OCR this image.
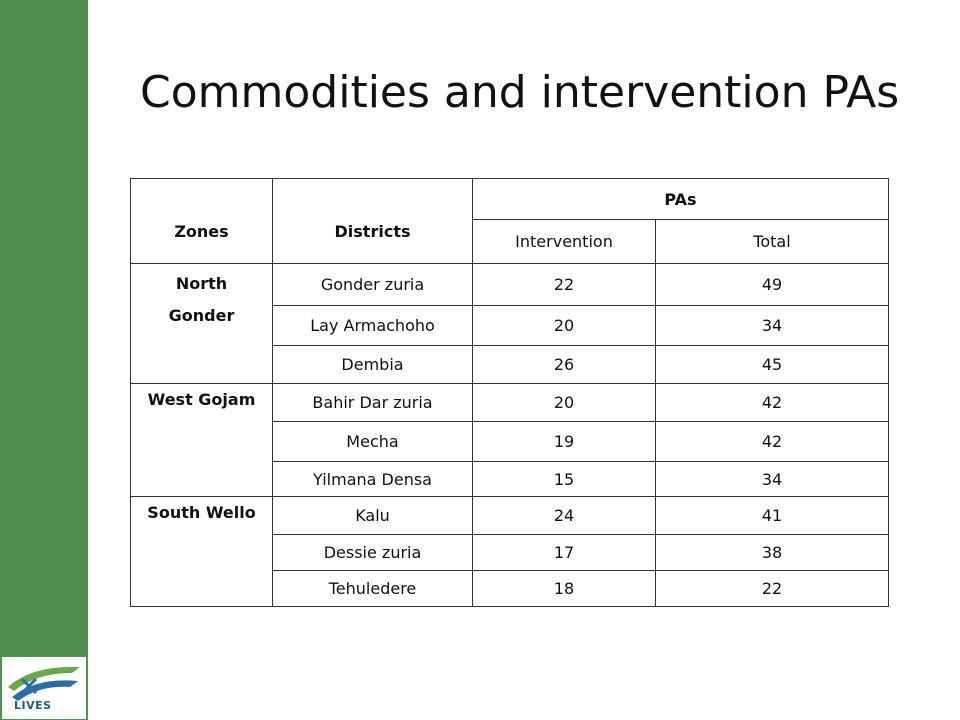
LIVES
Commodities and intervention PAs
Zones	Districts	PAs	
		Intervention	Total

North
Gonder	Gonder zuria	22	49
	Lay Armachoho	20	34
	Dembia	26	45

West Gojam	Bahir Dar zuria	20	42
	Mecha	19	42
	Yilmana Densa	15	34

South Wello	Kalu	24	41
	Dessie zuria	17	38
	Tehuledere	18	22
